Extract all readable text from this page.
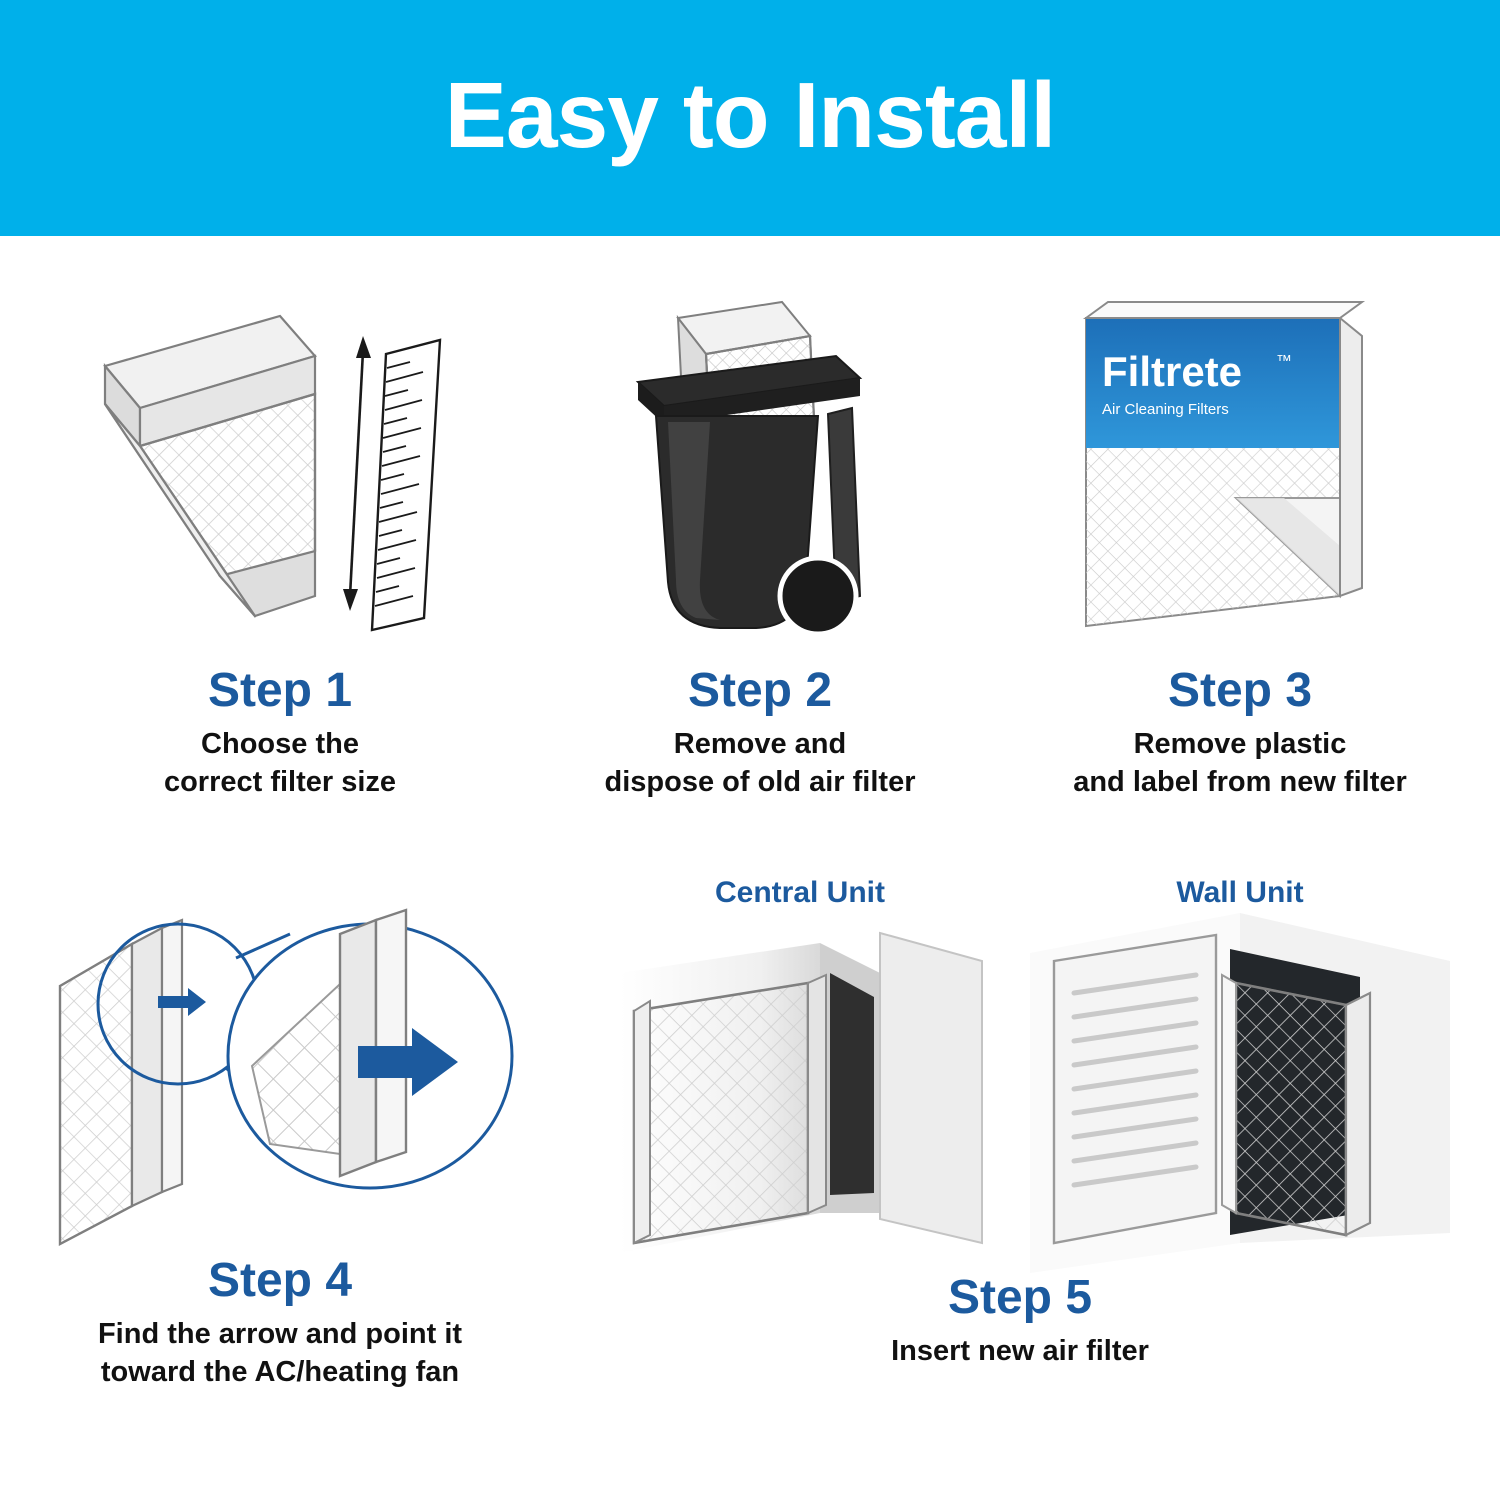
Easy to Install
Step 1
Choose the
correct filter size
Step 2
Remove and
dispose of old air filter
Filtrete ™
Air Cleaning Filters
Step 3
Remove plastic
and label from new filter
Step 4
Find the arrow and point it
toward the AC/heating fan
Central Unit	Wall Unit
Step 5
Insert new air filter
